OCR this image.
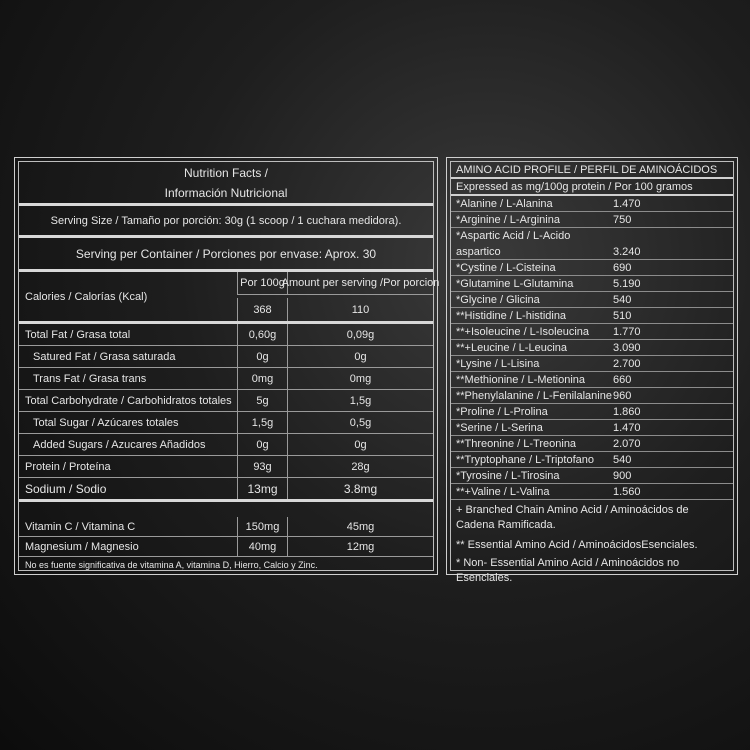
Nutrition Facts /
Información Nutricional
Serving Size / Tamaño por porción: 30g (1 scoop / 1 cuchara medidora).
Serving per Container / Porciones por envase: Aprox. 30
Calories / Calorías (Kcal)
Por 100g
Amount per serving /Por porcion
368	110
Total Fat / Grasa total	0,60g	0,09g
Satured Fat / Grasa saturada	0g	0g
Trans Fat / Grasa trans	0mg	0mg
Total Carbohydrate / Carbohidratos totales	5g	1,5g
Total Sugar / Azúcares totales	1,5g	0,5g
Added Sugars / Azucares Añadidos	0g	0g
Protein / Proteína	93g	28g
Sodium / Sodio	13mg	3.8mg
Vitamin C / Vitamina C	150mg	45mg
Magnesium / Magnesio	40mg	12mg
No es fuente significativa de vitamina A, vitamina D, Hierro, Calcio y Zinc.
AMINO ACID PROFILE / PERFIL DE AMINOÁCIDOS
Expressed as mg/100g protein / Por 100 gramos
*Alanine / L-Alanina	1.470
*Arginine / L-Arginina	750
*Aspartic Acid / L-Acido
aspartico	3.240
*Cystine / L-Cisteina	690
*Glutamine L-Glutamina	5.190
*Glycine / Glicina	540
**Histidine / L-histidina	510
**+Isoleucine / L-Isoleucina 1.770
**+Leucine / L-Leucina	3.090
*Lysine / L-Lisina	2.700
**Methionine / L-Metionina	660
**Phenylalanine / L-Fenilalanine 960
*Proline / L-Prolina	1.860
*Serine / L-Serina	1.470
**Threonine / L-Treonina	2.070
**Tryptophane / L-Triptofano 540
*Tyrosine / L-Tirosina	900
**+Valine / L-Valina	1.560
+ Branched Chain Amino Acid / Aminoácidos de Cadena Ramificada.
** Essential Amino Acid / AminoácidosEsenciales.
* Non- Essential Amino Acid / Aminoácidos no Esenciales.
